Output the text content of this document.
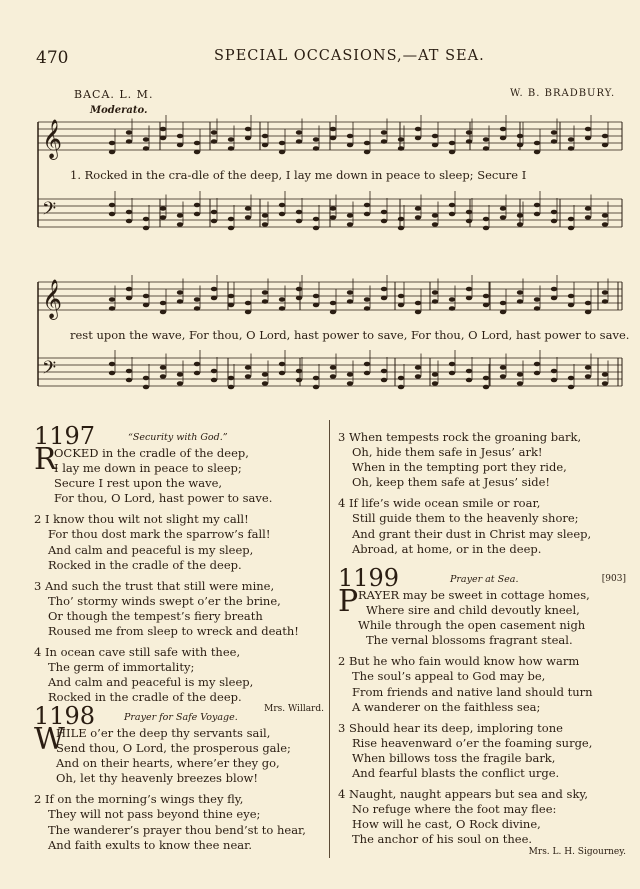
470	SPECIAL OCCASIONS,—AT SEA.
BACA. L. M.	W. B. BRADBURY.
Moderato.
𝄞
𝄢
𝄞
𝄢
1. Rocked in the cra-dle of the deep, I lay me down in peace to sleep; Secure I
rest upon the wave, For thou, O Lord, hast power to save, For thou, O Lord, hast power to save.
1197	“Security with God.”
R
OCKED in the cradle of the deep,
I lay me down in peace to sleep;
Secure I rest upon the wave,
For thou, O Lord, hast power to save.
2 I know thou wilt not slight my call!
For thou dost mark the sparrow’s fall!
And calm and peaceful is my sleep,
Rocked in the cradle of the deep.
3 And such the trust that still were mine,
Tho’ stormy winds swept o’er the brine,
Or though the tempest’s fiery breath
Roused me from sleep to wreck and death!
4 In ocean cave still safe with thee,
The germ of immortality;
And calm and peaceful is my sleep,
Rocked in the cradle of the deep.
Mrs. Willard.
1198	Prayer for Safe Voyage.
W
HILE o’er the deep thy servants sail,
Send thou, O Lord, the prosperous gale;
And on their hearts, where’er they go,
Oh, let thy heavenly breezes blow!
2 If on the morning’s wings they fly,
They will not pass beyond thine eye;
The wanderer’s prayer thou bend’st to hear,
And faith exults to know thee near.
3 When tempests rock the groaning bark,
Oh, hide them safe in Jesus’ ark!
When in the tempting port they ride,
Oh, keep them safe at Jesus’ side!
4 If life’s wide ocean smile or roar,
Still guide them to the heavenly shore;
And grant their dust in Christ may sleep,
Abroad, at home, or in the deep.
1199	Prayer at Sea.	[903]
P RAYER may be sweet in cottage homes,
Where sire and child devoutly kneel,
While through the open casement nigh
The vernal blossoms fragrant steal.
2 But he who fain would know how warm
The soul’s appeal to God may be,
From friends and native land should turn
A wanderer on the faithless sea;
3 Should hear its deep, imploring tone
Rise heavenward o’er the foaming surge,
When billows toss the fragile bark,
And fearful blasts the conflict urge.
4 Naught, naught appears but sea and sky,
No refuge where the foot may flee:
How will he cast, O Rock divine,
The anchor of his soul on thee.
Mrs. L. H. Sigourney.
